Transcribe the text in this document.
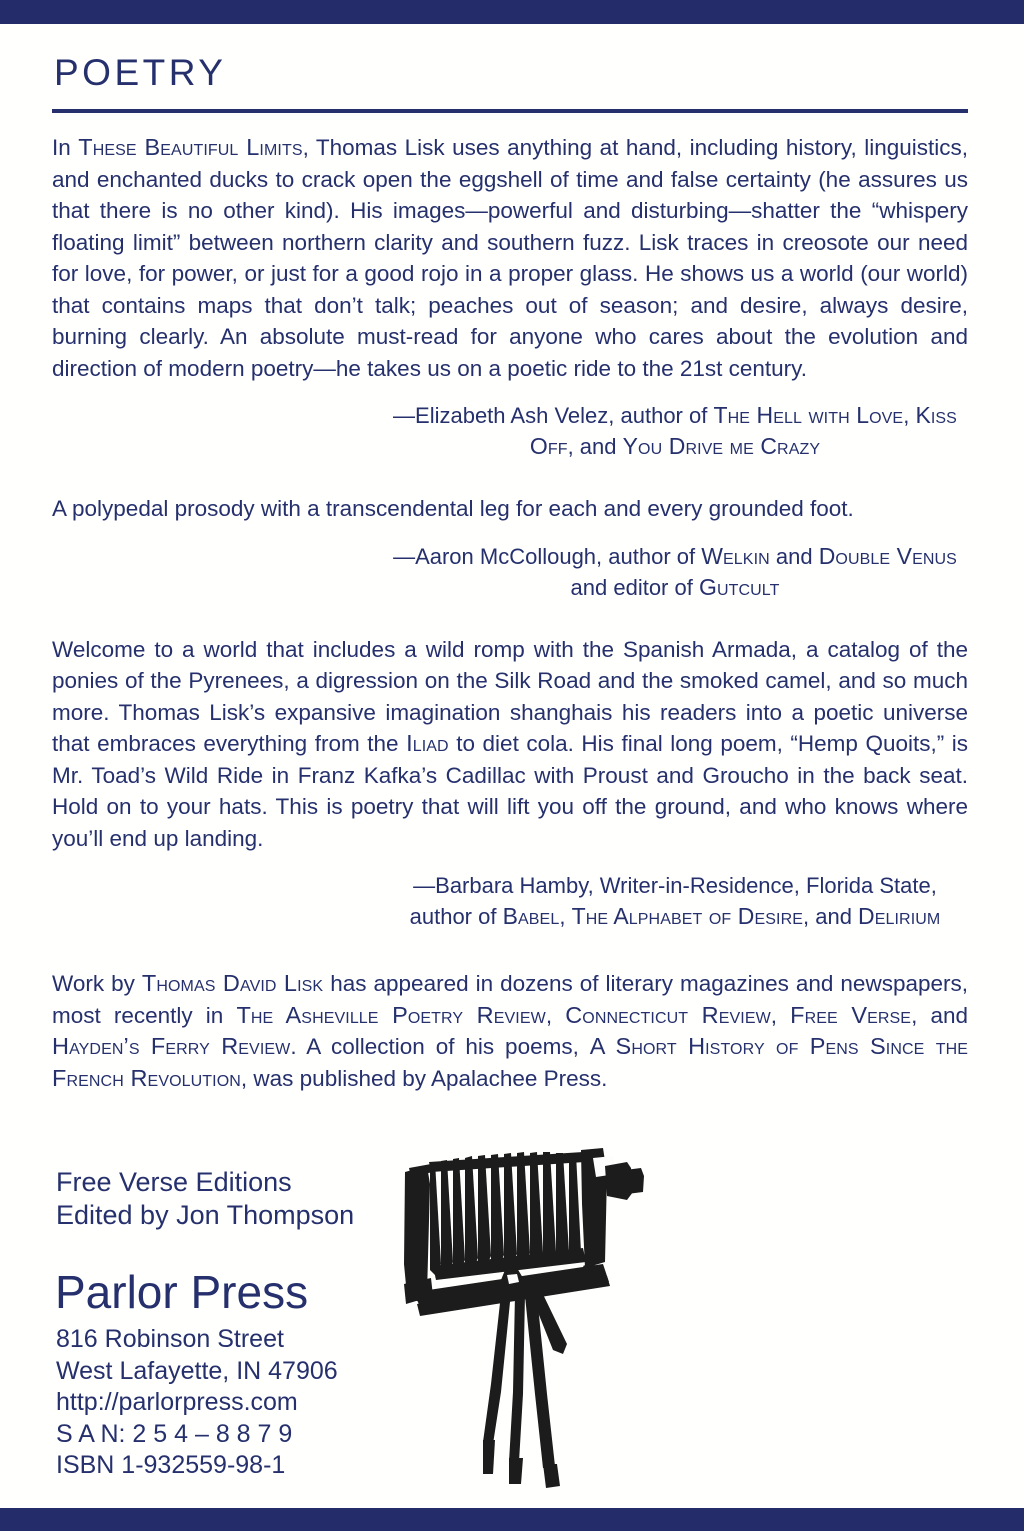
POETRY

In These Beautiful Limits, Thomas Lisk uses anything at hand, including history, linguistics, and enchanted ducks to crack open the eggshell of time and false certainty (he assures us that there is no other kind). His images—powerful and disturbing—shatter the “whispery floating limit” between northern clarity and southern fuzz. Lisk traces in creosote our need for love, for power, or just for a good rojo in a proper glass. He shows us a world (our world) that contains maps that don’t talk; peaches out of season; and desire, always desire, burning clearly. An absolute must-read for anyone who cares about the evolution and direction of modern poetry—he takes us on a poetic ride to the 21st century.

—Elizabeth Ash Velez, author of The Hell with Love, Kiss Off, and You Drive me Crazy

A polypedal prosody with a transcendental leg for each and every grounded foot.

—Aaron McCollough, author of Welkin and Double Venus and editor of Gutcult

Welcome to a world that includes a wild romp with the Spanish Armada, a catalog of the ponies of the Pyrenees, a digression on the Silk Road and the smoked camel, and so much more. Thomas Lisk’s expansive imagination shanghais his readers into a poetic universe that embraces everything from the Iliad to diet cola. His final long poem, “Hemp Quoits,” is Mr. Toad’s Wild Ride in Franz Kafka’s Cadillac with Proust and Groucho in the back seat. Hold on to your hats. This is poetry that will lift you off the ground, and who knows where you’ll end up landing.

—Barbara Hamby, Writer-in-Residence, Florida State, author of Babel, The Alphabet of Desire, and Delirium

Work by Thomas David Lisk has appeared in dozens of literary magazines and newspapers, most recently in The Asheville Poetry Review, Connecticut Review, Free Verse, and Hayden’s Ferry Review. A collection of his poems, A Short History of Pens Since the French Revolution, was published by Apalachee Press.

Free Verse Editions
Edited by Jon Thompson
Parlor Press
816 Robinson Street
West Lafayette, IN 47906
http://parlorpress.com
S A N: 2 5 4 – 8 8 7 9
ISBN 1-932559-98-1
